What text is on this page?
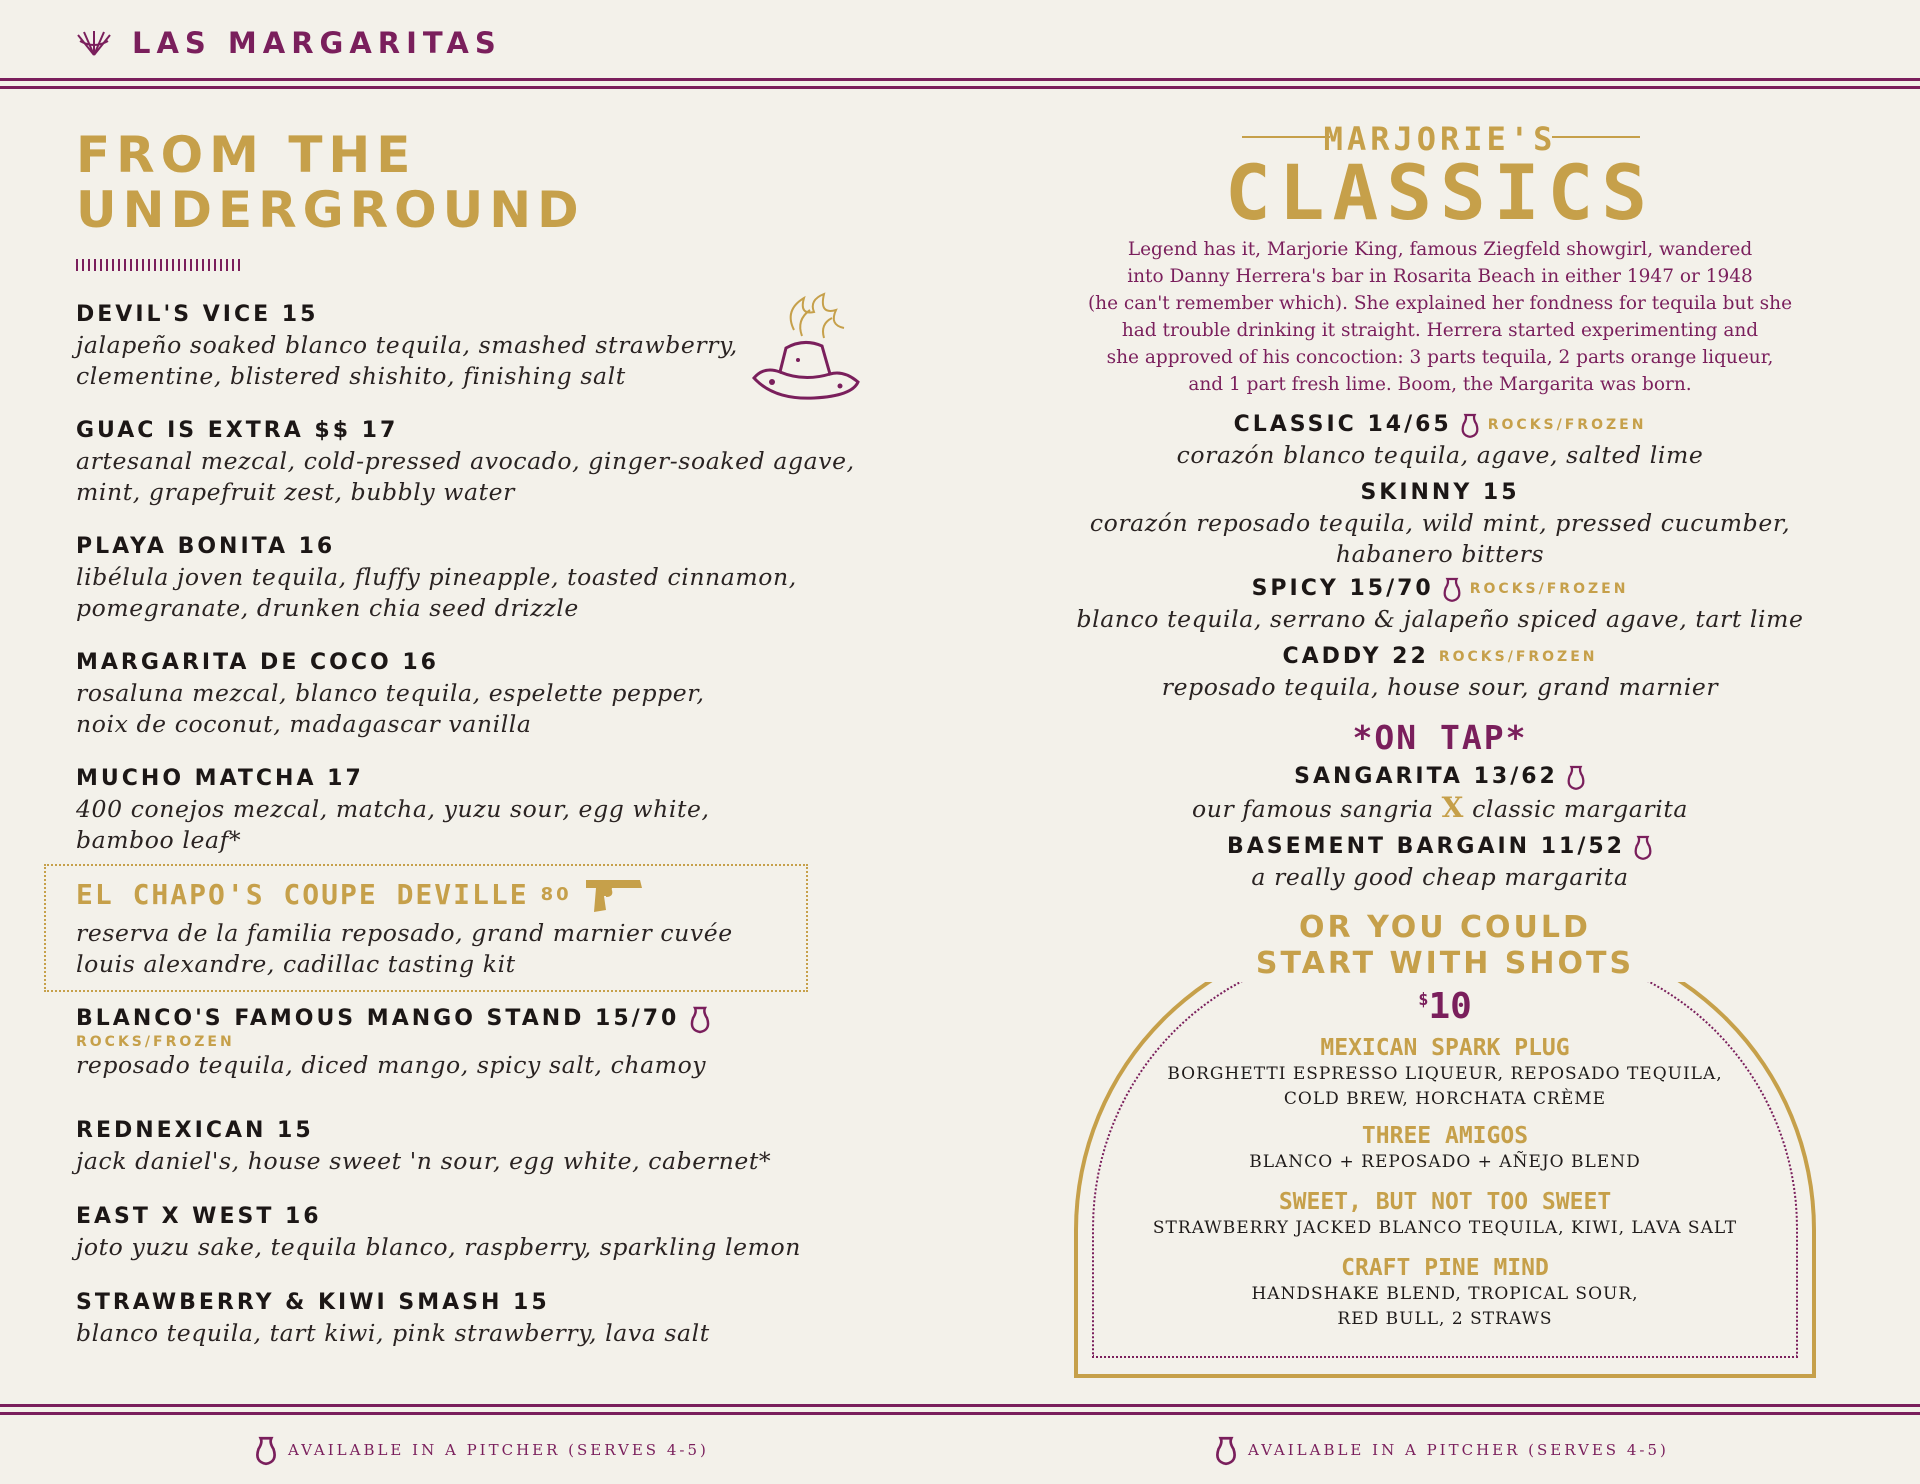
LAS MARGARITAS
FROM THE
UNDERGROUND
DEVIL'S VICE 15
jalapeño soaked blanco tequila, smashed strawberry,
clementine, blistered shishito, finishing salt
GUAC IS EXTRA $$ 17
artesanal mezcal, cold-pressed avocado, ginger-soaked agave,
mint, grapefruit zest, bubbly water
PLAYA BONITA 16
libélula joven tequila, fluffy pineapple, toasted cinnamon,
pomegranate, drunken chia seed drizzle
MARGARITA DE COCO 16
rosaluna mezcal, blanco tequila, espelette pepper,
noix de coconut, madagascar vanilla
MUCHO MATCHA 17
400 conejos mezcal, matcha, yuzu sour, egg white,
bamboo leaf*
EL CHAPO'S COUPE DEVILLE 80
reserva de la familia reposado, grand marnier cuvée
louis alexandre, cadillac tasting kit
BLANCO'S FAMOUS MANGO STAND 15/70
ROCKS/FROZEN
reposado tequila, diced mango, spicy salt, chamoy
REDNEXICAN 15
jack daniel's, house sweet 'n sour, egg white, cabernet*
EAST X WEST 16
joto yuzu sake, tequila blanco, raspberry, sparkling lemon
STRAWBERRY & KIWI SMASH 15
blanco tequila, tart kiwi, pink strawberry, lava salt
MARJORIE'S
CLASSICS
Legend has it, Marjorie King, famous Ziegfeld showgirl, wandered
into Danny Herrera's bar in Rosarita Beach in either 1947 or 1948
(he can't remember which). She explained her fondness for tequila but she
had trouble drinking it straight. Herrera started experimenting and
she approved of his concoction: 3 parts tequila, 2 parts orange liqueur,
and 1 part fresh lime. Boom, the Margarita was born.
CLASSIC 14/65	ROCKS/FROZEN
corazón blanco tequila, agave, salted lime
SKINNY 15
corazón reposado tequila, wild mint, pressed cucumber,
habanero bitters
SPICY 15/70	ROCKS/FROZEN
blanco tequila, serrano & jalapeño spiced agave, tart lime
CADDY 22 ROCKS/FROZEN
reposado tequila, house sour, grand marnier
*ON TAP*
SANGARITA 13/62
our famous sangria X classic margarita
BASEMENT BARGAIN 11/52
a really good cheap margarita
OR YOU COULD
START WITH SHOTS
$10
MEXICAN SPARK PLUG
BORGHETTI ESPRESSO LIQUEUR, REPOSADO TEQUILA,
COLD BREW, HORCHATA CRÈME
THREE AMIGOS
BLANCO + REPOSADO + AÑEJO BLEND
SWEET, BUT NOT TOO SWEET
STRAWBERRY JACKED BLANCO TEQUILA, KIWI, LAVA SALT
CRAFT PINE MIND
HANDSHAKE BLEND, TROPICAL SOUR,
RED BULL, 2 STRAWS
AVAILABLE IN A PITCHER (SERVES 4-5)	AVAILABLE IN A PITCHER (SERVES 4-5)
